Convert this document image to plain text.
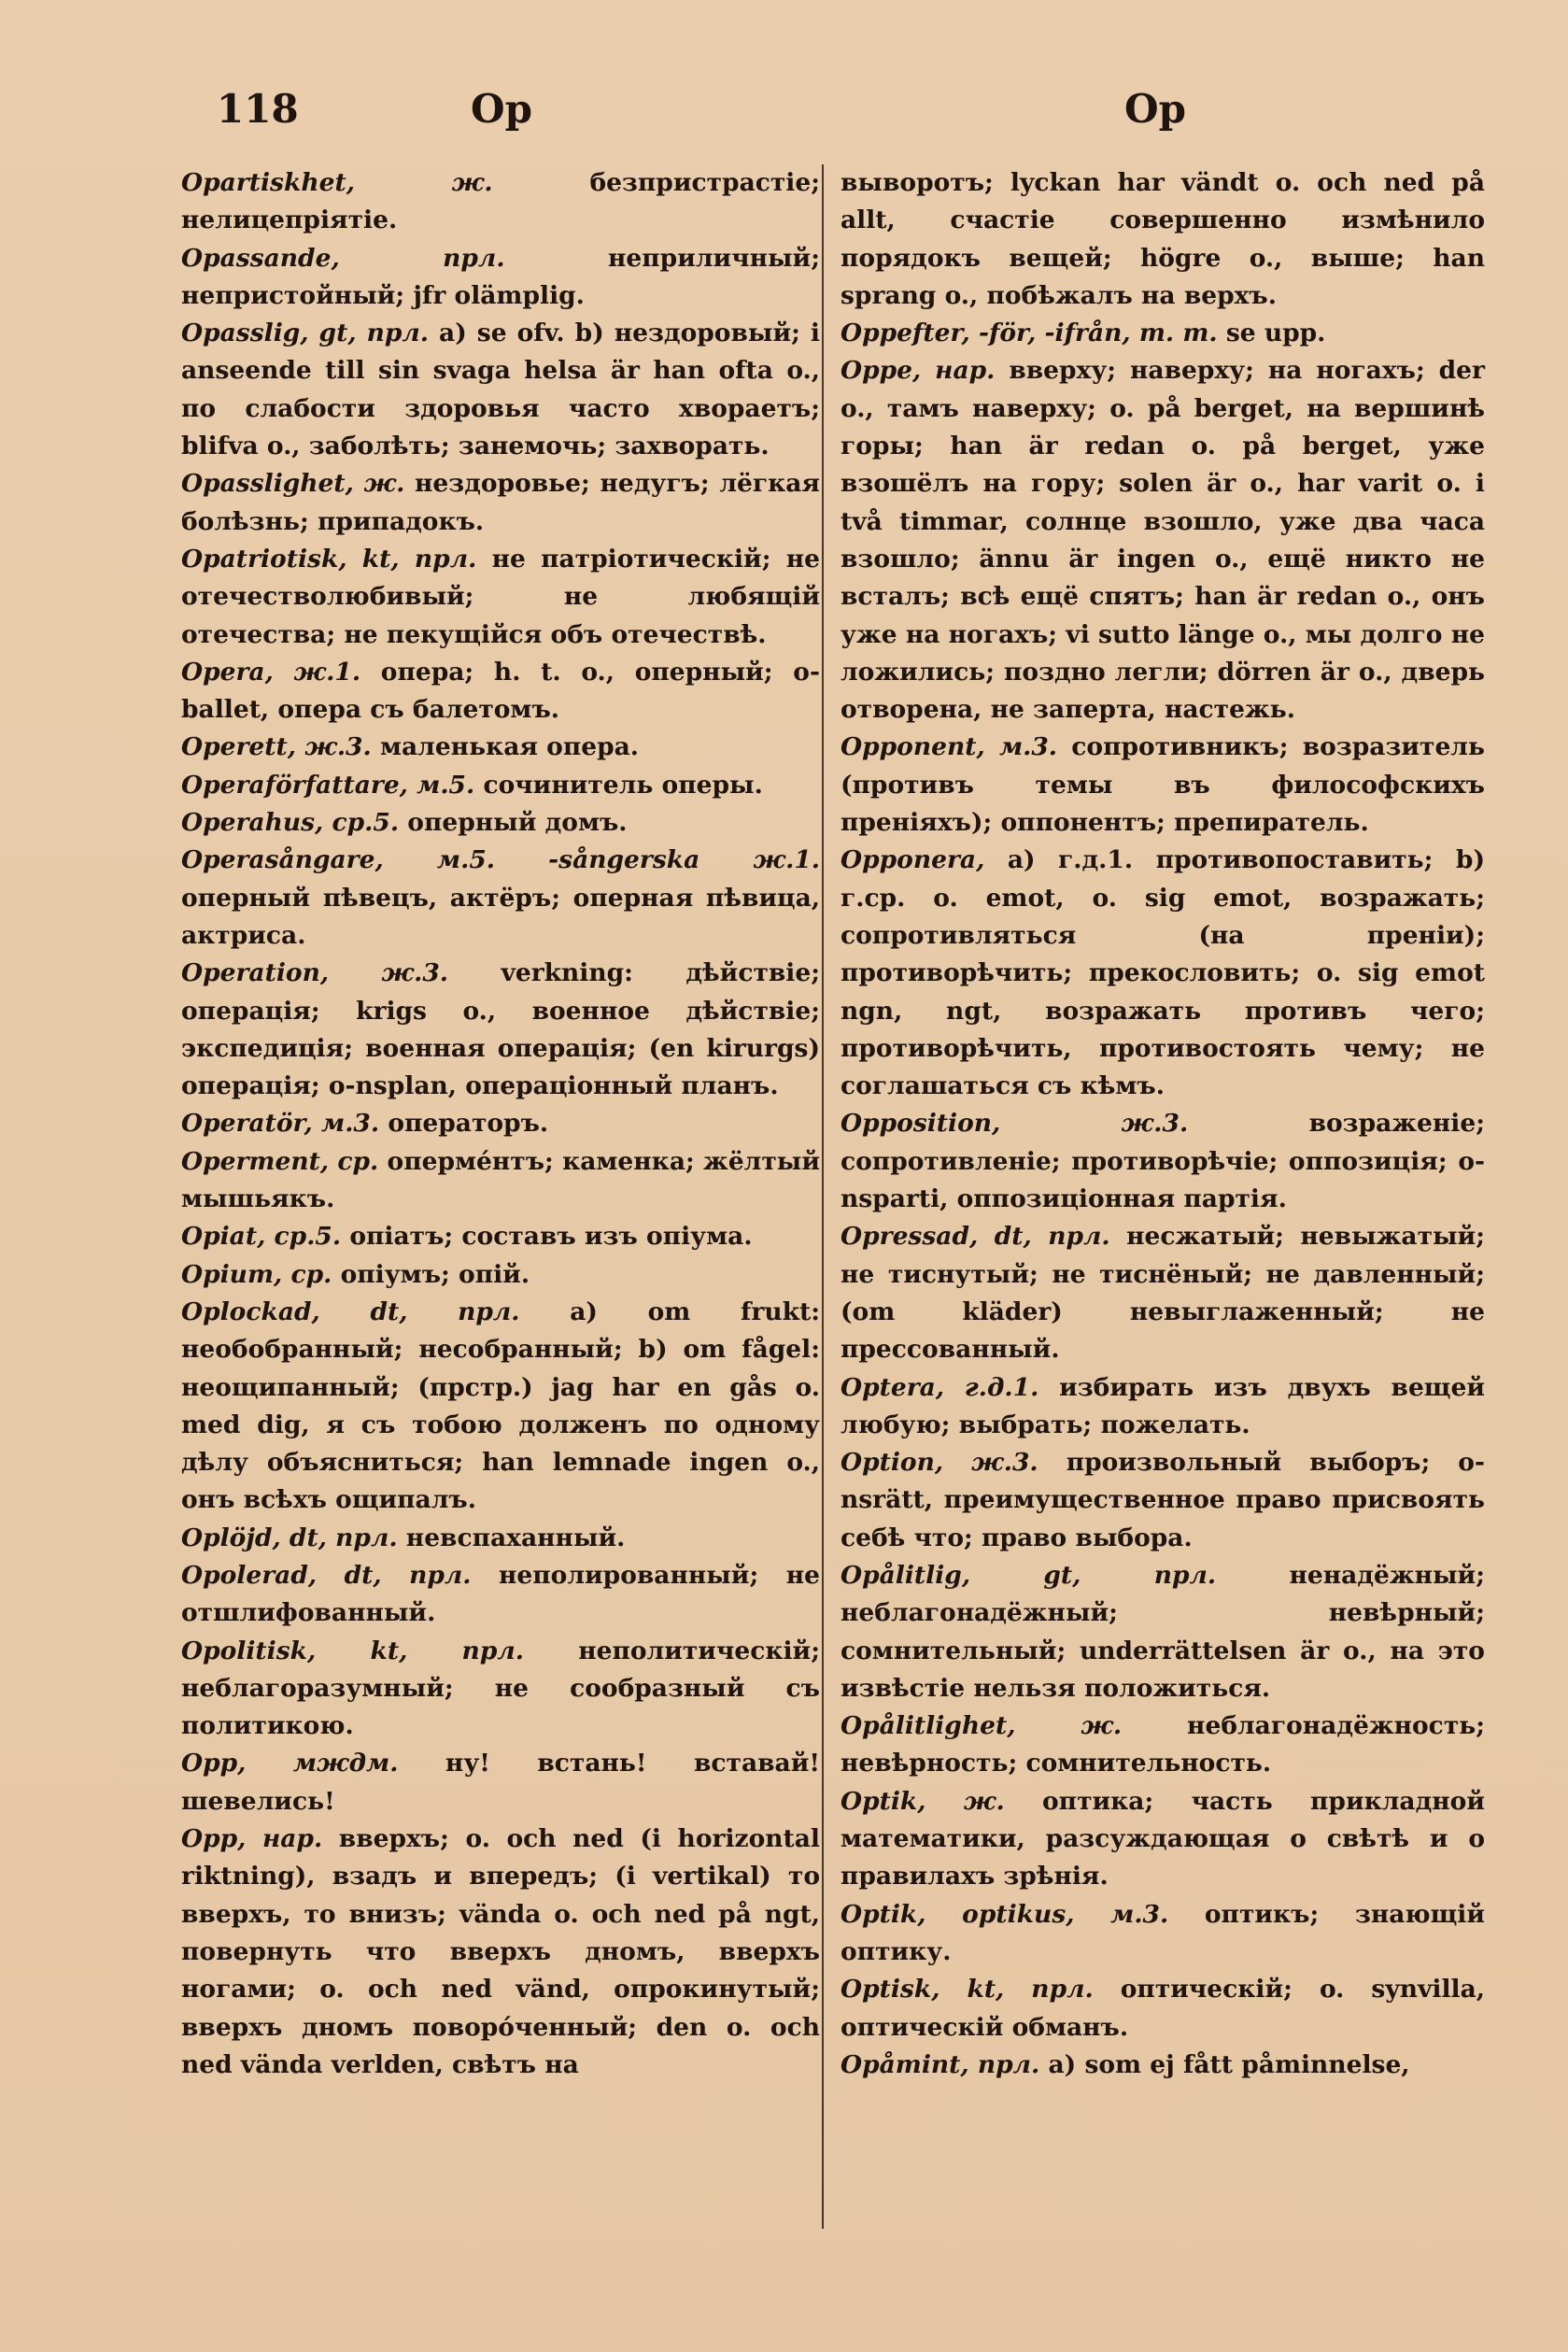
118	Ор	Ор
Opartiskhet, ж. безпристрастіе; нелицепріятіе.
Opassande, прл. неприличный; непристойный; jfr olämplig.
Opasslig, gt, прл. a) se ofv. b) нездоровый; i anseende till sin svaga helsa är han ofta o., по слабости здоровья часто хвораетъ; blifva o., заболѣть; занемочь; захворать.
Opasslighet, ж. нездоровье; недугъ; лёгкая болѣзнь; припадокъ.
Opatriotisk, kt, прл. не патріотическій; не отечестволюбивый; не любящій отечества; не пекущійся объ отечествѣ.
Opera, ж.1. опера; h. t. o., оперный; o-ballet, опера съ балетомъ.
Operett, ж.3. маленькая опера.
Operaförfattare, м.5. сочинитель оперы.
Operahus, ср.5. оперный домъ.
Operasångare, м.5. -sångerska ж.1. оперный пѣвецъ, актёръ; оперная пѣвица, актриса.
Operation, ж.3. verkning: дѣйствіе; операція; krigs o., военное дѣйствіе; экспедиція; военная операція; (en kirurgs) операція; o-nsplan, операціонный планъ.
Operatör, м.3. операторъ.
Operment, ср. опермéнтъ; каменка; жёлтый мышьякъ.
Opiat, ср.5. опіатъ; составъ изъ опіума.
Opium, ср. опіумъ; опій.
Oplockad, dt, прл. a) om frukt: необобранный; несобранный; b) om fågel: неощипанный; (прстр.) jag har en gås o. med dig, я съ тобою долженъ по одному дѣлу объясниться; han lemnade ingen o., онъ всѣхъ ощипалъ.
Oplöjd, dt, прл. невспаханный.
Opolerad, dt, прл. неполированный; не отшлифованный.
Opolitisk, kt, прл. неполитическій; неблагоразумный; не сообразный съ политикою.
Opp, мждм. ну! встань! вставай! шевелись!
Opp, нар. вверхъ; o. och ned (i horizontal riktning), взадъ и впередъ; (i vertikal) то вверхъ, то внизъ; vända o. och ned på ngt, повернуть что вверхъ дномъ, вверхъ ногами; o. och ned vänd, опрокинутый; вверхъ дномъ поворóченный; den o. och ned vända verlden, свѣтъ на
выворотъ; lyckan har vändt o. och ned på allt, счастіе совершенно измѣнило порядокъ вещей; högre o., выше; han sprang o., побѣжалъ на верхъ.
Oppefter, -för, -ifrån, m. m. se upp.
Oppe, нар. вверху; наверху; на ногахъ; der o., тамъ наверху; o. på berget, на вершинѣ горы; han är redan o. på berget, уже взошёлъ на гору; solen är o., har varit o. i två timmar, солнце взошло, уже два часа взошло; ännu är ingen o., ещё никто не всталъ; всѣ ещё спятъ; han är redan o., онъ уже на ногахъ; vi sutto länge o., мы долго не ложились; поздно легли; dörren är o., дверь отворена, не заперта, настежь.
Opponent, м.3. сопротивникъ; возразитель (противъ темы въ философскихъ преніяхъ); оппонентъ; препиратель.
Opponera, a) г.д.1. противопоставить; b) г.ср. o. emot, o. sig emot, возражать; сопротивляться (на преніи); противорѣчить; прекословить; o. sig emot ngn, ngt, возражать противъ чего; противорѣчить, противостоять чему; не соглашаться съ кѣмъ.
Opposition, ж.3. возраженіе; сопротивленіе; противорѣчіе; оппозиція; o-nsparti, оппозиціонная партія.
Opressad, dt, прл. несжатый; невыжатый; не тиснутый; не тиснёный; не давленный; (om kläder) невыглаженный; не прессованный.
Optera, г.д.1. избирать изъ двухъ вещей любую; выбрать; пожелать.
Option, ж.3. произвольный выборъ; o-nsrätt, преимущественное право присвоять себѣ что; право выбора.
Opålitlig, gt, прл. ненадёжный; неблагонадёжный; невѣрный; сомнительный; underrättelsen är o., на это извѣстіе нельзя положиться.
Opålitlighet, ж. неблагонадёжность; невѣрность; сомнительность.
Optik, ж. оптика; часть прикладной математики, разсуждающая о свѣтѣ и о правилахъ зрѣнія.
Optik, optikus, м.3. оптикъ; знающій оптику.
Optisk, kt, прл. оптическій; o. synvilla, оптическій обманъ.
Opåmint, прл. a) som ej fått påminnelse,
